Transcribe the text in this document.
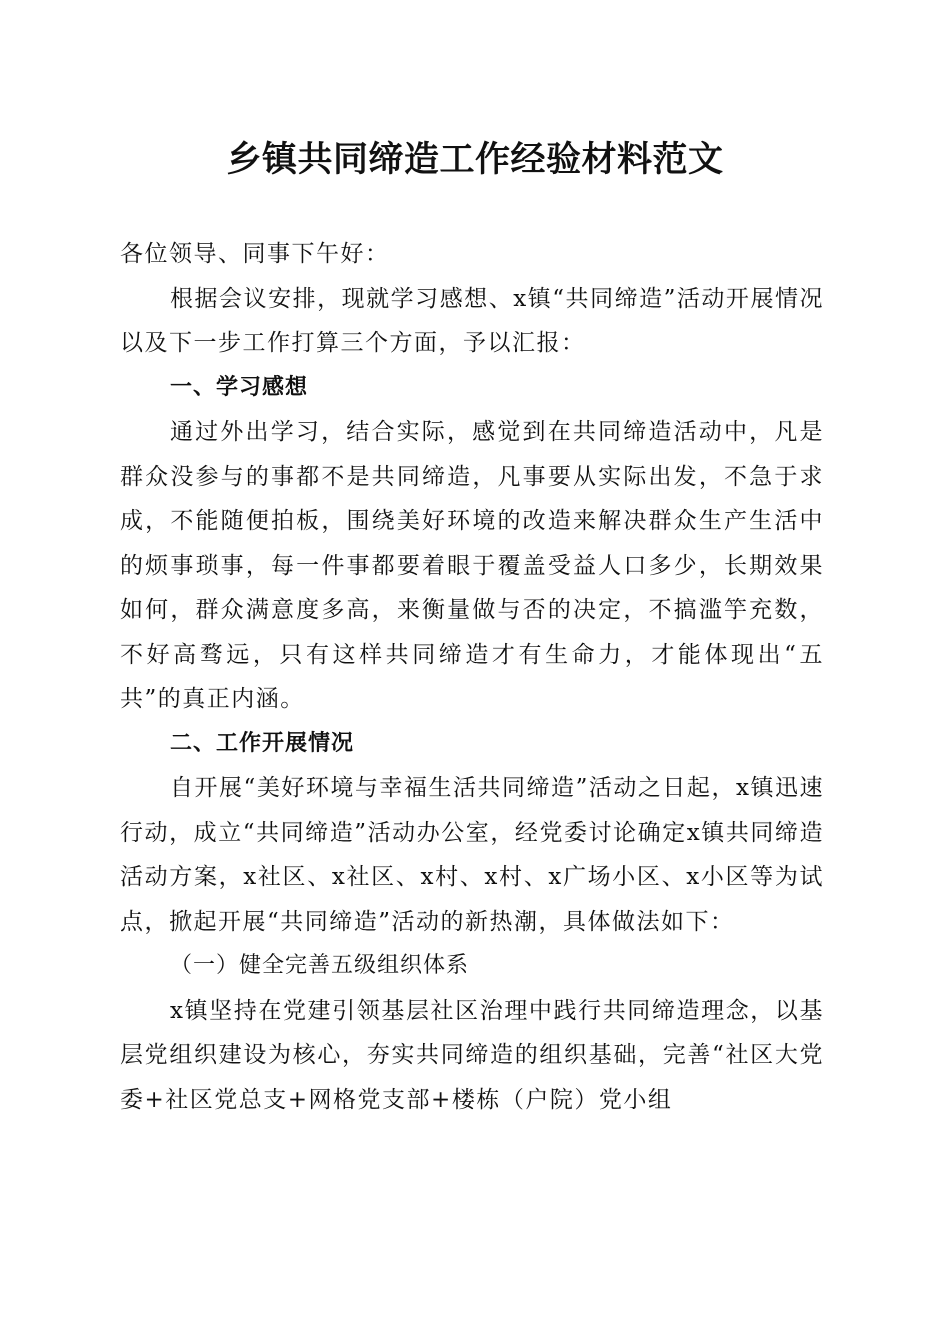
乡镇共同缔造工作经验材料范文

各位领导、同事下午好：

根据会议安排，现就学习感想、x镇“共同缔造”活动开展情况以及下一步工作打算三个方面，予以汇报：

一、学习感想

通过外出学习，结合实际，感觉到在共同缔造活动中，凡是群众没参与的事都不是共同缔造，凡事要从实际出发，不急于求成，不能随便拍板，围绕美好环境的改造来解决群众生产生活中的烦事琐事，每一件事都要着眼于覆盖受益人口多少，长期效果如何，群众满意度多高，来衡量做与否的决定，不搞滥竽充数，不好高骛远，只有这样共同缔造才有生命力，才能体现出“五共”的真正内涵。

二、工作开展情况

自开展“美好环境与幸福生活共同缔造”活动之日起，x镇迅速行动，成立“共同缔造”活动办公室，经党委讨论确定x镇共同缔造活动方案，x社区、x社区、x村、x村、x广场小区、x小区等为试点，掀起开展“共同缔造”活动的新热潮，具体做法如下：

（一）健全完善五级组织体系

x镇坚持在党建引领基层社区治理中践行共同缔造理念，以基层党组织建设为核心，夯实共同缔造的组织基础，完善“社区大党委+社区党总支+网格党支部+楼栋（户院）党小组
